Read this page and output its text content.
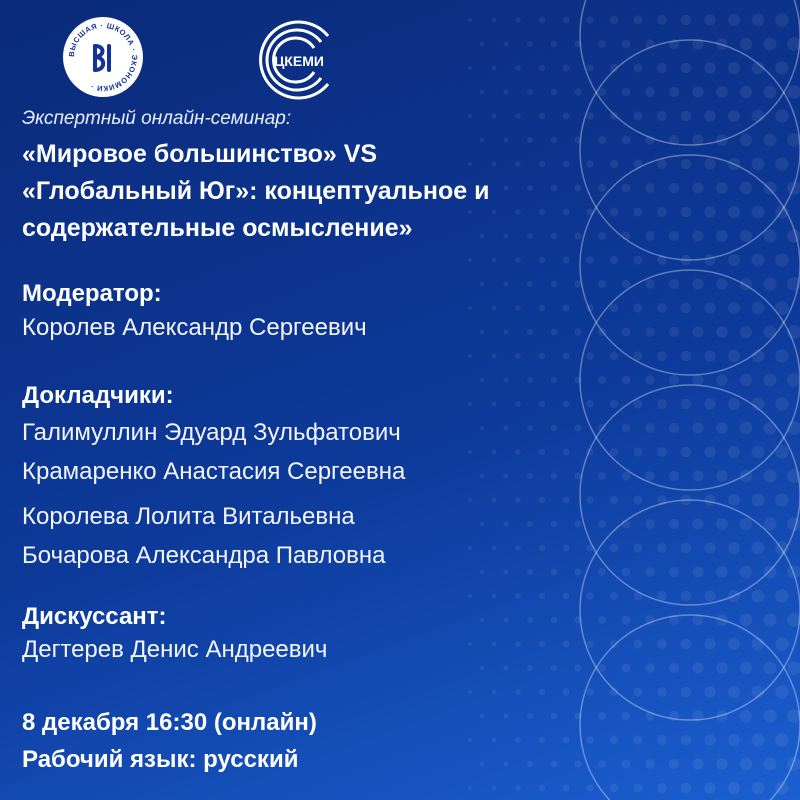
ВЫСШАЯ · ШКОЛА · ЭКОНОМИКИ ·
ЦКЕМИ
Экспертный онлайн-семинар:
«Мировое большинство» VS
«Глобальный Юг»: концептуальное и
содержательные осмысление»
Модератор:
Королев Александр Сергеевич
Докладчики:
Галимуллин Эдуард Зульфатович
Крамаренко Анастасия Сергеевна
Королева Лолита Витальевна
Бочарова Александра Павловна
Дискуссант:
Дегтерев Денис Андреевич
8 декабря 16:30 (онлайн)
Рабочий язык: русский
